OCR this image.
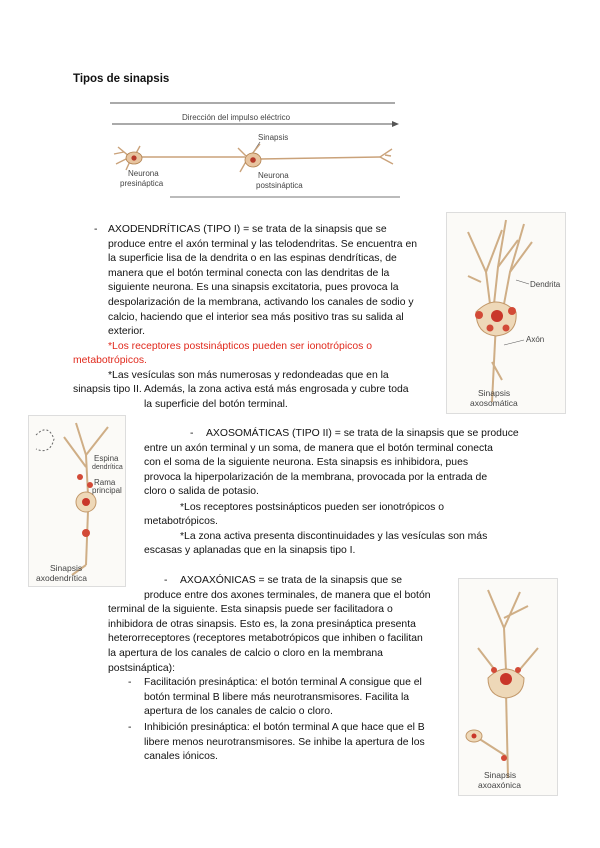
Tipos de sinapsis
Dirección del impulso eléctrico
Sinapsis
Neurona
presináptica
Neurona
postsináptica
- AXODENDRÍTICAS (TIPO I) = se trata de la sinapsis que se
produce entre el axón terminal y las telodendritas. Se encuentra en
la superficie lisa de la dendrita o en las espinas dendríticas, de
manera que el botón terminal conecta con las dendritas de la
siguiente neurona. Es una sinapsis excitatoria, pues provoca la
despolarización de la membrana, activando los canales de sodio y
calcio, haciendo que el interior sea más positivo tras su salida al
exterior.
*Los receptores postsinápticos pueden ser ionotrópicos o
metabotrópicos.
*Las vesículas son más numerosas y redondeadas que en la
sinapsis tipo II. Además, la zona activa está más engrosada y cubre toda
la superficie del botón terminal.
Dendrita
Axón
Sinapsis
axosomática
Espina
dendrítica
Rama
principal
Sinapsis
axodendrítica
-	AXOSOMÁTICAS (TIPO II) = se trata de la sinapsis que se produce
entre un axón terminal y un soma, de manera que el botón terminal conecta
con el soma de la siguiente neurona. Esta sinapsis es inhibidora, pues
provoca la hiperpolarización de la membrana, provocada por la entrada de
cloro o salida de potasio.
*Los receptores postsinápticos pueden ser ionotrópicos o
metabotrópicos.
*La zona activa presenta discontinuidades y las vesículas son más
escasas y aplanadas que en la sinapsis tipo I.
Sinapsis
axoaxónica
-	AXOAXÓNICAS = se trata de la sinapsis que se
produce entre dos axones terminales, de manera que el botón
terminal de la siguiente. Esta sinapsis puede ser facilitadora o
inhibidora de otras sinapsis. Esto es, la zona presináptica presenta
heterorreceptores (receptores metabotrópicos que inhiben o facilitan
la apertura de los canales de calcio o cloro en la membrana
postsináptica):
- Facilitación presináptica: el botón terminal A consigue que el
botón terminal B libere más neurotransmisores. Facilita la
apertura de los canales de calcio o cloro.
- Inhibición presináptica: el botón terminal A que hace que el B
libere menos neurotransmisores. Se inhibe la apertura de los
canales iónicos.
